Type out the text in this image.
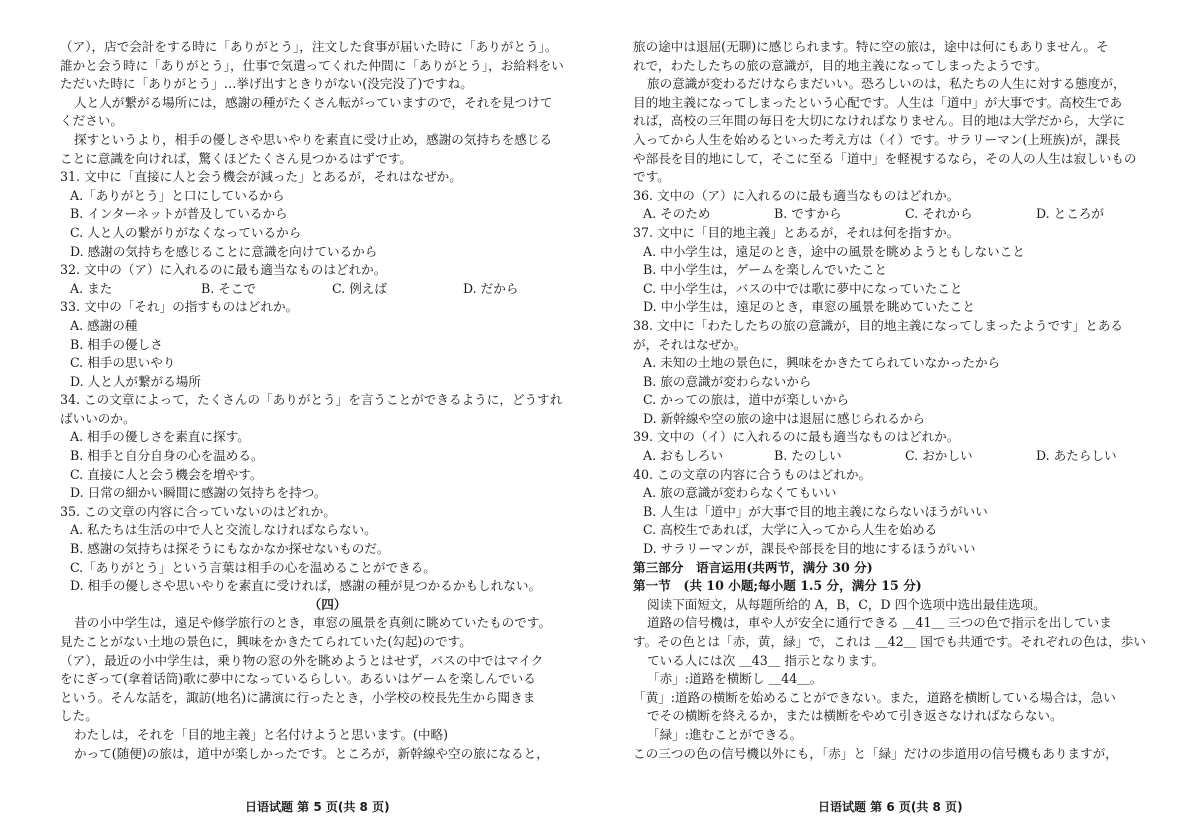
（ア），店で会計をする時に「ありがとう」，注文した食事が届いた時に「ありがとう」。
誰かと会う時に「ありがとう」，仕事で気遣ってくれた仲間に「ありがとう」，お給料をい
ただいた時に「ありがとう」…挙げ出すときりがない(没完没了)ですね。
人と人が繋がる場所には，感謝の種がたくさん転がっていますので，それを見つけて
ください。
探すというより，相手の優しさや思いやりを素直に受け止め，感謝の気持ちを感じる
ことに意識を向ければ，驚くほどたくさん見つかるはずです。
31. 文中に「直接に人と会う機会が減った」とあるが，それはなぜか。
A.「ありがとう」と口にしているから
B. インターネットが普及しているから
C. 人と人の繋がりがなくなっているから
D. 感謝の気持ちを感じることに意識を向けているから
32. 文中の（ア）に入れるのに最も適当なものはどれか。
A. また	B. そこで	C. 例えば	D. だから
33. 文中の「それ」の指すものはどれか。
A. 感謝の種
B. 相手の優しさ
C. 相手の思いやり
D. 人と人が繋がる場所
34. この文章によって，たくさんの「ありがとう」を言うことができるように，どうすれ
ばいいのか。
A. 相手の優しさを素直に探す。
B. 相手と自分自身の心を温める。
C. 直接に人と会う機会を増やす。
D. 日常の細かい瞬間に感謝の気持ちを持つ。
35. この文章の内容に合っていないのはどれか。
A. 私たちは生活の中で人と交流しなければならない。
B. 感謝の気持ちは探そうにもなかなか探せないものだ。
C.「ありがとう」という言葉は相手の心を温めることができる。
D. 相手の優しさや思いやりを素直に受ければ，感謝の種が見つかるかもしれない。
（四）
昔の小中学生は，遠足や修学旅行のとき，車窓の風景を真剣に眺めていたものです。
見たことがない土地の景色に，興味をかきたてられていた(勾起)のです。
（ア），最近の小中学生は，乗り物の窓の外を眺めようとはせず，バスの中ではマイク
をにぎって(拿着话筒)歌に夢中になっているらしい。あるいはゲームを楽しんでいる
という。そんな話を，諏訪(地名)に講演に行ったとき，小学校の校長先生から聞きま
した。
わたしは，それを「目的地主義」と名付けようと思います。(中略)
かって(随便)の旅は，道中が楽しかったです。ところが，新幹線や空の旅になると，
旅の途中は退屈(无聊)に感じられます。特に空の旅は，途中は何にもありません。そ
れで，わたしたちの旅の意識が，目的地主義になってしまったようです。
旅の意識が変わるだけならまだいい。恐ろしいのは，私たちの人生に対する態度が，
目的地主義になってしまったという心配です。人生は「道中」が大事です。高校生であ
れば，高校の三年間の毎日を大切になければなりません。目的地は大学だから，大学に
入ってから人生を始めるといった考え方は（イ）です。サラリーマン(上班族)が，課長
や部長を目的地にして，そこに至る「道中」を軽視するなら，その人の人生は寂しいもの
です。
36. 文中の（ア）に入れるのに最も適当なものはどれか。
A. そのため	B. ですから	C. それから	D. ところが
37. 文中に「目的地主義」とあるが，それは何を指すか。
A. 中小学生は，遠足のとき，途中の風景を眺めようともしないこと
B. 中小学生は，ゲームを楽しんでいたこと
C. 中小学生は，バスの中では歌に夢中になっていたこと
D. 中小学生は，遠足のとき，車窓の風景を眺めていたこと
38. 文中に「わたしたちの旅の意識が，目的地主義になってしまったようです」とある
が，それはなぜか。
A. 未知の土地の景色に，興味をかきたてられていなかったから
B. 旅の意識が変わらないから
C. かっての旅は，道中が楽しいから
D. 新幹線や空の旅の途中は退屈に感じられるから
39. 文中の（イ）に入れるのに最も適当なものはどれか。
A. おもしろい	B. たのしい	C. おかしい	D. あたらしい
40. この文章の内容に合うものはどれか。
A. 旅の意識が変わらなくてもいい
B. 人生は「道中」が大事で目的地主義にならないほうがいい
C. 高校生であれば，大学に入ってから人生を始める
D. サラリーマンが，課長や部長を目的地にするほうがいい
第三部分　语言运用(共两节，满分 30 分)
第一节　(共 10 小题;每小题 1.5 分，满分 15 分)
阅读下面短文，从每题所给的 A，B，C，D 四个选项中选出最佳选项。
道路の信号機は，車や人が安全に通行できる ＿41＿ 三つの色で指示を出していま
す。その色とは「赤，黄，緑」で，これは ＿42＿ 国でも共通です。それぞれの色は，歩い
ている人には次 ＿43＿ 指示となります。
「赤」:道路を横断し ＿44＿。
「黄」:道路の横断を始めることができない。また，道路を横断している場合は，急い
でその横断を終えるか，または横断をやめて引き返さなければならない。
「緑」:進むことができる。
この三つの色の信号機以外にも，「赤」と「緑」だけの歩道用の信号機もありますが，
日语试题 第 5 页(共 8 页)	日语试题 第 6 页(共 8 页)
